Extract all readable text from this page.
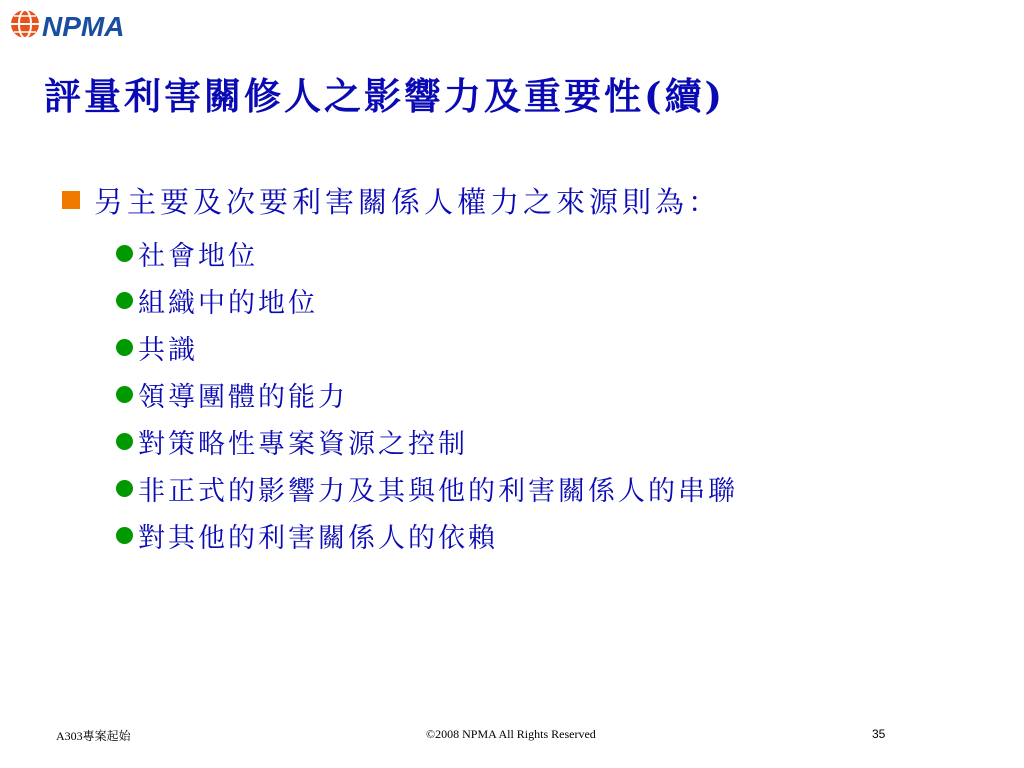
NPMA
評量利害關修人之影響力及重要性(續)
另主要及次要利害關係人權力之來源則為：
社會地位
組織中的地位
共識
領導團體的能力
對策略性專案資源之控制
非正式的影響力及其與他的利害關係人的串聯
對其他的利害關係人的依賴
A303專案起始	©2008 NPMA All Rights Reserved	35
